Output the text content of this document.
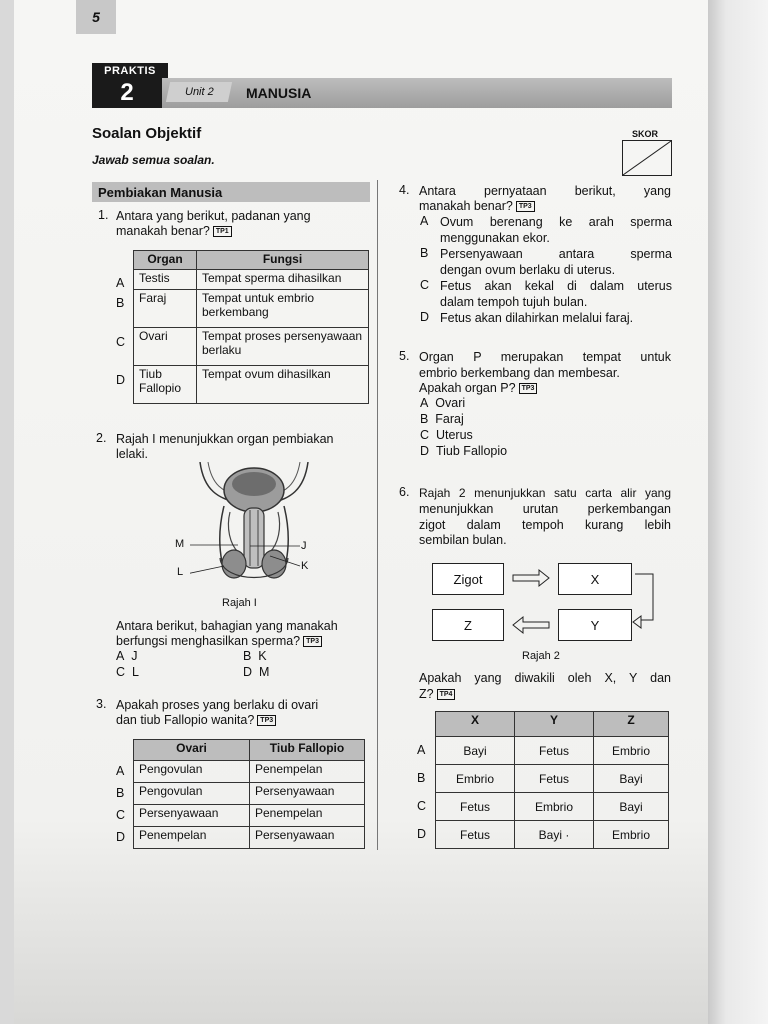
5
PRAKTIS
2	Unit 2 MANUSIA
Soalan Objektif
Jawab semua soalan.
SKOR
Pembiakan Manusia
1. Antara yang berikut, padanan yang
manakah benar? TP1
A
B
C
D
Organ	Fungsi
Testis	Tempat sperma dihasilkan
Faraj	Tempat untuk embrio berkembang
Ovari	Tempat proses persenyawaan berlaku
Tiub Fallopio	Tempat ovum dihasilkan
2. Rajah I menunjukkan organ pembiakan
lelaki.
M
L
J
K
Rajah I
Antara berikut, bahagian yang manakah
berfungsi menghasilkan sperma? TP3
A J	B K
C L	D M
3. Apakah proses yang berlaku di ovari
dan tiub Fallopio wanita? TP3
A
B
C
D
Ovari	Tiub Fallopio
Pengovulan	Penempelan
Pengovulan	Persenyawaan
Persenyawaan	Penempelan
Penempelan	Persenyawaan
4. Antara pernyataan berikut, yang
manakah benar? TP3
A Ovum berenang ke arah sperma
menggunakan ekor.
B Persenyawaan antara sperma
dengan ovum berlaku di uterus.
C Fetus akan kekal di dalam uterus
dalam tempoh tujuh bulan.
D Fetus akan dilahirkan melalui faraj.
5. Organ P merupakan tempat untuk
embrio berkembang dan membesar.
Apakah organ P? TP3
A Ovari
B Faraj
C Uterus
D Tiub Fallopio
6. Rajah 2 menunjukkan satu carta alir yang
menunjukkan urutan perkembangan
zigot dalam tempoh kurang lebih
sembilan bulan.
Zigot	X
Z	Y
Rajah 2
Apakah yang diwakili oleh X, Y dan
Z? TP4
A
B
C
D
X	Y	Z
Bayi	Fetus	Embrio
Embrio	Fetus	Bayi
Fetus	Embrio	Bayi
Fetus	Bayi ·	Embrio
